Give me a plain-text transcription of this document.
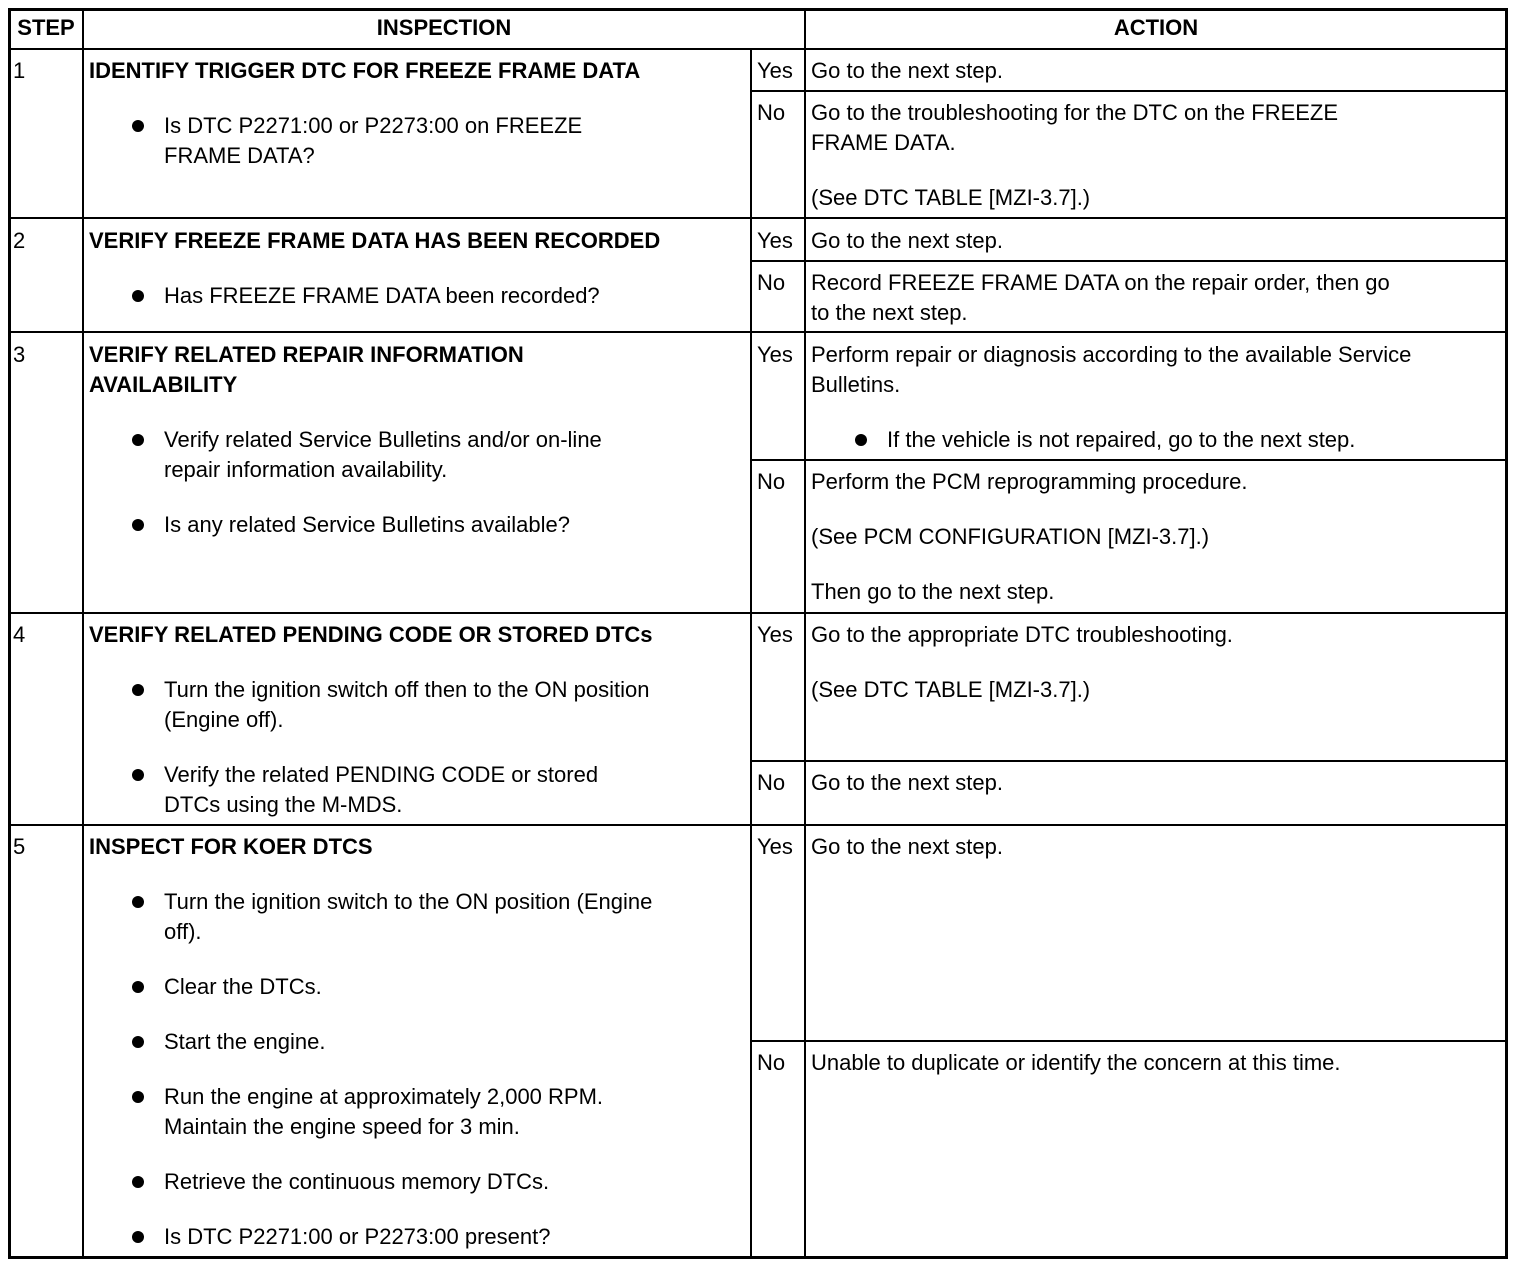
STEP	INSPECTION	ACTION
1	IDENTIFY TRIGGER DTC FOR FREEZE FRAME DATA
Is DTC P2271:00 or P2273:00 on FREEZE
FRAME DATA?
Yes Go to the next step.
No Go to the troubleshooting for the DTC on the FREEZE
FRAME DATA.
(See DTC TABLE [MZI-3.7].)
2	VERIFY FREEZE FRAME DATA HAS BEEN RECORDED
Has FREEZE FRAME DATA been recorded?
Yes Go to the next step.
No Record FREEZE FRAME DATA on the repair order, then go
to the next step.
3	VERIFY RELATED REPAIR INFORMATION
AVAILABILITY
Verify related Service Bulletins and/or on-line
repair information availability.
Is any related Service Bulletins available?
Yes Perform repair or diagnosis according to the available Service
Bulletins.
If the vehicle is not repaired, go to the next step.
No Perform the PCM reprogramming procedure.
(See PCM CONFIGURATION [MZI-3.7].)
Then go to the next step.
4	VERIFY RELATED PENDING CODE OR STORED DTCs
Turn the ignition switch off then to the ON position
(Engine off).
Verify the related PENDING CODE or stored
DTCs using the M-MDS.
Yes Go to the appropriate DTC troubleshooting.
(See DTC TABLE [MZI-3.7].)
No Go to the next step.
5	INSPECT FOR KOER DTCS
Turn the ignition switch to the ON position (Engine
off).
Clear the DTCs.
Start the engine.
Run the engine at approximately 2,000 RPM.
Maintain the engine speed for 3 min.
Retrieve the continuous memory DTCs.
Is DTC P2271:00 or P2273:00 present?
Yes Go to the next step.
No Unable to duplicate or identify the concern at this time.
